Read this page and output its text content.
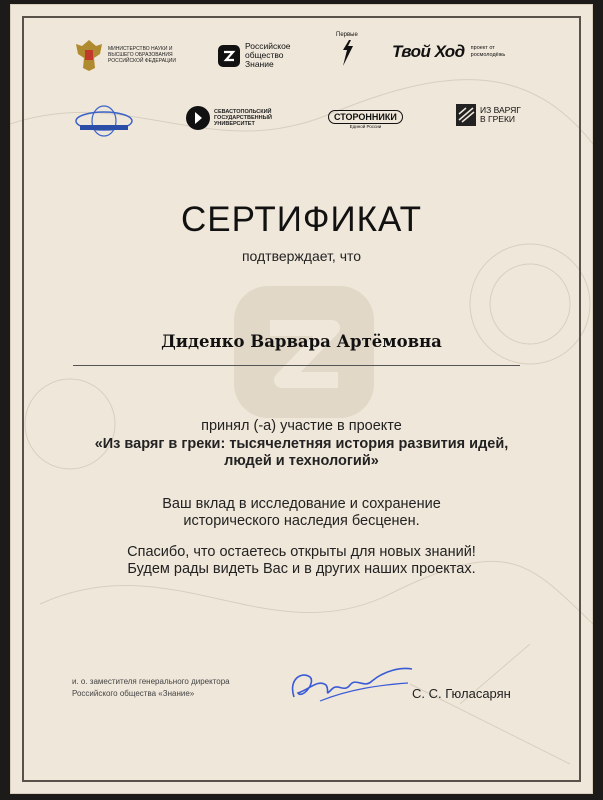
МИНИСТЕРСТВО НАУКИ И ВЫСШЕГО ОБРАЗОВАНИЯ РОССИЙСКОЙ ФЕДЕРАЦИИ
Российское
общество
Знание
Первые
Твой Ход проект от
росмолодёжь
СЕВАСТОПОЛЬСКИЙ ГОСУДАРСТВЕННЫЙ УНИВЕРСИТЕТ
СТОРОННИКИ
Единой России
ИЗ ВАРЯГ
В ГРЕКИ
СЕРТИФИКАТ
подтверждает, что
Диденко Варвара Артёмовна
принял (-а) участие в проекте
«Из варяг в греки: тысячелетняя история развития идей,
людей и технологий»
Ваш вклад в исследование и сохранение
исторического наследия бесценен.
Спасибо, что остаетесь открыты для новых знаний!
Будем рады видеть Вас и в других наших проектах.
и. о. заместителя генерального директора
Российского общества «Знание»	С. С. Гюласарян
